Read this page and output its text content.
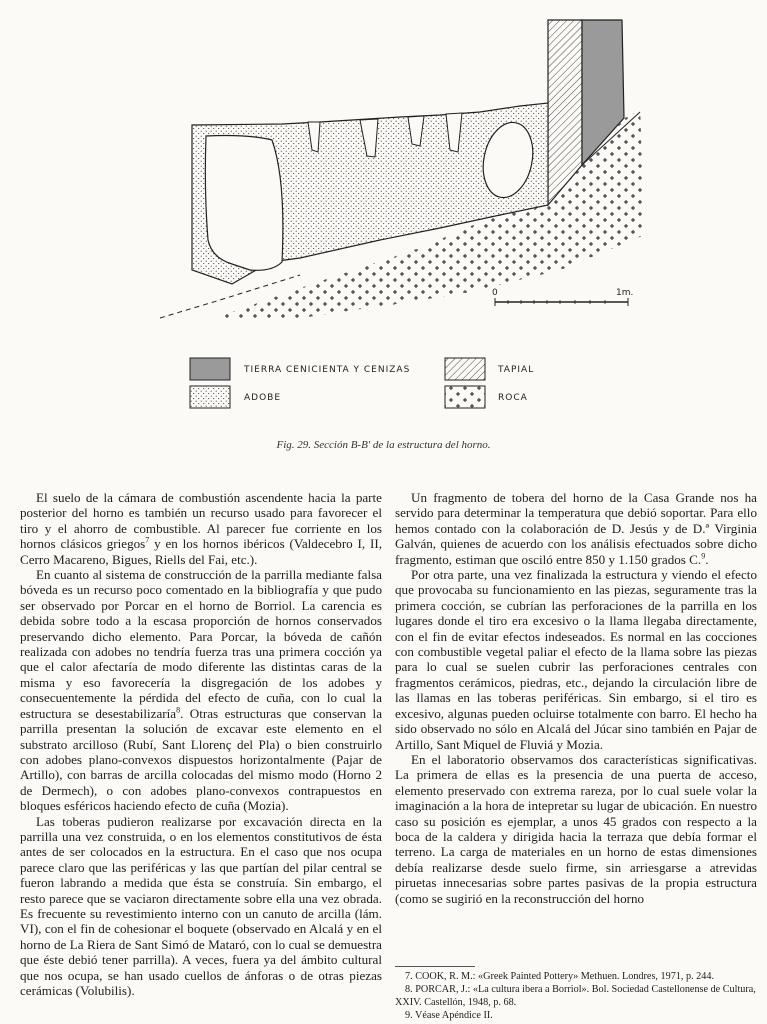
0	1m.
TIERRA CENICIENTA Y CENIZAS
ADOBE
TAPIAL
ROCA
Fig. 29. Sección B-B' de la estructura del horno.

El suelo de la cámara de combustión ascendente hacia la parte posterior del horno es también un recurso usado para favorecer el tiro y el ahorro de combustible. Al parecer fue corriente en los hornos clásicos griegos$^7$ y en los hornos ibéricos (Valdecebro I, II, Cerro Macareno, Bigues, Riells del Fai, etc.).

En cuanto al sistema de construcción de la parrilla mediante falsa bóveda es un recurso poco comentado en la bibliografía y que pudo ser observado por Porcar en el horno de Borriol. La carencia es debida sobre todo a la escasa proporción de hornos conservados preservando dicho elemento. Para Porcar, la bóveda de cañón realizada con adobes no tendría fuerza tras una primera cocción ya que el calor afectaría de modo diferente las distintas caras de la misma y eso favorecería la disgregación de los adobes y consecuentemente la pérdida del efecto de cuña, con lo cual la estructura se desestabilizaría$^8$. Otras estructuras que conservan la parrilla presentan la solución de excavar este elemento en el substrato arcilloso (Rubí, Sant Llorenç del Pla) o bien construirlo con adobes plano-convexos dispuestos horizontalmente (Pajar de Artillo), con barras de arcilla colocadas del mismo modo (Horno 2 de Dermech), o con adobes plano-convexos contrapuestos en bloques esféricos haciendo efecto de cuña (Mozia).

Las toberas pudieron realizarse por excavación directa en la parrilla una vez construida, o en los elementos constitutivos de ésta antes de ser colocados en la estructura. En el caso que nos ocupa parece claro que las periféricas y las que partían del pilar central se fueron labrando a medida que ésta se construía. Sin embargo, el resto parece que se vaciaron directamente sobre ella una vez obrada. Es frecuente su revestimiento interno con un canuto de arcilla (lám. VI), con el fin de cohesionar el boquete (observado en Alcalá y en el horno de La Riera de Sant Simó de Mataró, con lo cual se demuestra que éste debió tener parrilla). A veces, fuera ya del ámbito cultural que nos ocupa, se han usado cuellos de ánforas o de otras piezas cerámicas (Volubilis).

Un fragmento de tobera del horno de la Casa Grande nos ha servido para determinar la temperatura que debió soportar. Para ello hemos contado con la colaboración de D. Jesús y de D.ª Virginia Galván, quienes de acuerdo con los análisis efectuados sobre dicho fragmento, estiman que osciló entre 850 y 1.150 grados C.$^9$.

Por otra parte, una vez finalizada la estructura y viendo el efecto que provocaba su funcionamiento en las piezas, seguramente tras la primera cocción, se cubrían las perforaciones de la parrilla en los lugares donde el tiro era excesivo o la llama llegaba directamente, con el fin de evitar efectos indeseados. Es normal en las cocciones con combustible vegetal paliar el efecto de la llama sobre las piezas para lo cual se suelen cubrir las perforaciones centrales con fragmentos cerámicos, piedras, etc., dejando la circulación libre de las llamas en las toberas periféricas. Sin embargo, si el tiro es excesivo, algunas pueden ocluirse totalmente con barro. El hecho ha sido observado no sólo en Alcalá del Júcar sino también en Pajar de Artillo, Sant Miquel de Fluviá y Mozia.

En el laboratorio observamos dos características significativas. La primera de ellas es la presencia de una puerta de acceso, elemento preservado con extrema rareza, por lo cual suele volar la imaginación a la hora de intepretar su lugar de ubicación. En nuestro caso su posición es ejemplar, a unos 45 grados con respecto a la boca de la caldera y dirigida hacia la terraza que debía formar el terreno. La carga de materiales en un horno de estas dimensiones debía realizarse desde suelo firme, sin arriesgarse a atrevidas piruetas innecesarias sobre partes pasivas de la propia estructura (como se sugirió en la reconstrucción del horno

7. COOK, R. M.: «Greek Painted Pottery» Methuen. Londres, 1971, p. 244.
8. PORCAR, J.: «La cultura ibera a Borriol». Bol. Sociedad Castellonense de Cultura, XXIV. Castellón, 1948, p. 68.
9. Véase Apéndice II.
